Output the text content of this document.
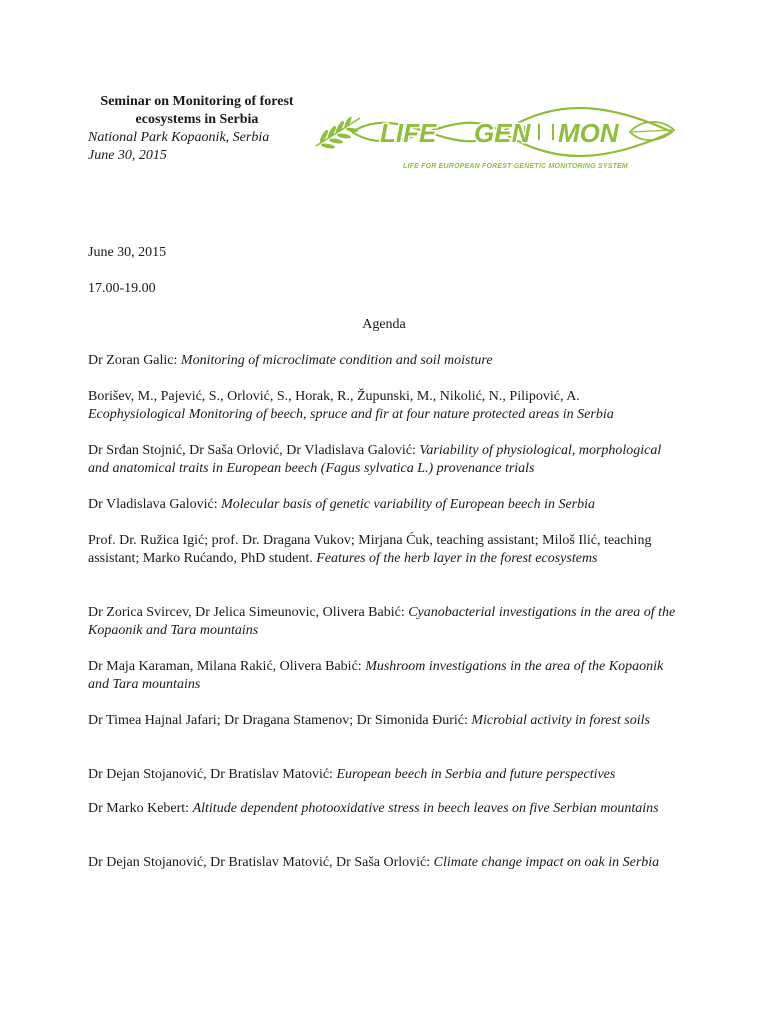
Seminar on Monitoring of forest
ecosystems in Serbia
National Park Kopaonik, Serbia
June 30, 2015
LIFE GEN MON
LIFE FOR EUROPEAN FOREST GENETIC MONITORING SYSTEM
June 30, 2015
17.00-19.00
Agenda

Dr Zoran Galic: Monitoring of microclimate condition and soil moisture

Borišev, M., Pajević, S., Orlović, S., Horak, R., Župunski, M., Nikolić, N., Pilipović, A. Ecophysiological Monitoring of beech, spruce and fir at four nature protected areas in Serbia

Dr Srđan Stojnić, Dr Saša Orlović, Dr Vladislava Galović: Variability of physiological, morphological and anatomical traits in European beech (Fagus sylvatica L.) provenance trials

Dr Vladislava Galović: Molecular basis of genetic variability of European beech in Serbia

Prof. Dr. Ružica Igić; prof. Dr. Dragana Vukov; Mirjana Ćuk, teaching assistant; Miloš Ilić, teaching assistant; Marko Rućando, PhD student. Features of the herb layer in the forest ecosystems

Dr Zorica Svircev, Dr Jelica Simeunovic, Olivera Babić: Cyanobacterial investigations in the area of the Kopaonik and Tara mountains

Dr Maja Karaman, Milana Rakić, Olivera Babić: Mushroom investigations in the area of the Kopaonik and Tara mountains

Dr Timea Hajnal Jafari; Dr Dragana Stamenov; Dr Simonida Đurić: Microbial activity in forest soils

Dr Dejan Stojanović, Dr Bratislav Matović: European beech in Serbia and future perspectives

Dr Marko Kebert: Altitude dependent photooxidative stress in beech leaves on five Serbian mountains

Dr Dejan Stojanović, Dr Bratislav Matović, Dr Saša Orlović: Climate change impact on oak in Serbia
